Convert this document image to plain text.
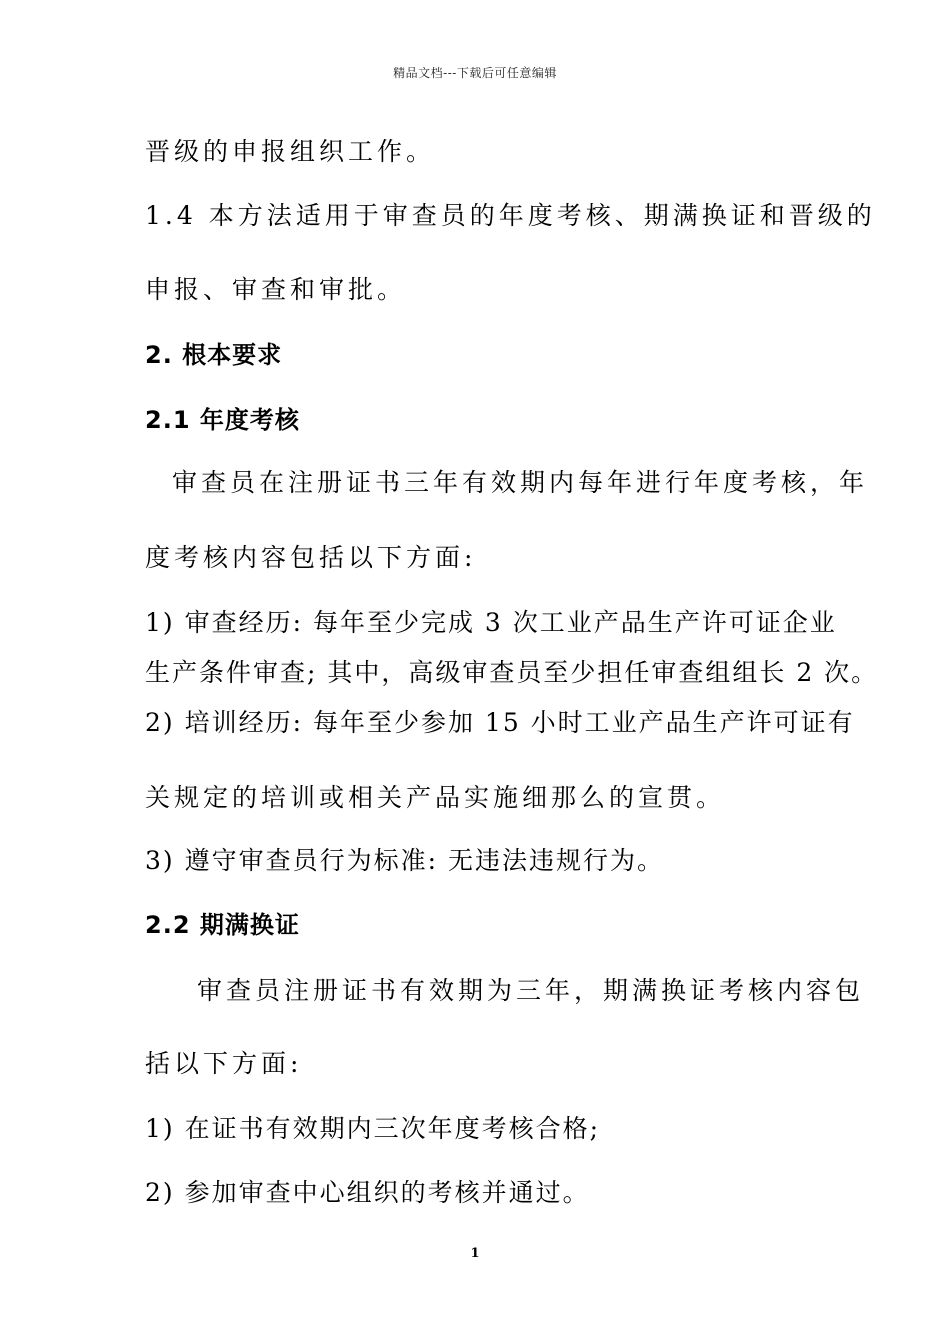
精品文档---下载后可任意编辑
晋级的申报组织工作。
1.4 本方法适用于审查员的年度考核、期满换证和晋级的
申报、审查和审批。
2. 根本要求
2.1 年度考核
审查员在注册证书三年有效期内每年进行年度考核，年
度考核内容包括以下方面:
1) 审查经历: 每年至少完成 3 次工业产品生产许可证企业
生产条件审查; 其中，高级审查员至少担任审查组组长 2 次。
2) 培训经历: 每年至少参加 15 小时工业产品生产许可证有
关规定的培训或相关产品实施细那么的宣贯。
3) 遵守审查员行为标准: 无违法违规行为。
2.2 期满换证
审查员注册证书有效期为三年，期满换证考核内容包
括以下方面:
1) 在证书有效期内三次年度考核合格;
2) 参加审查中心组织的考核并通过。
1
